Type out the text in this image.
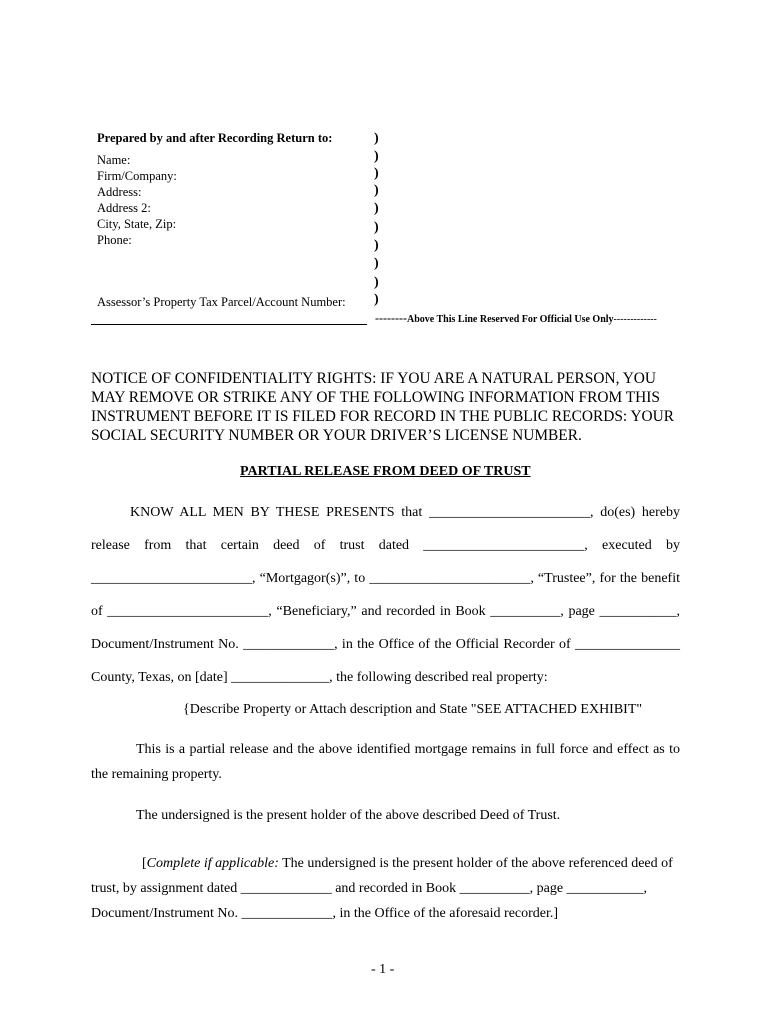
Prepared by and after Recording Return to:
Name:
Firm/Company:
Address:
Address 2:
City, State, Zip:
Phone:
Assessor’s Property Tax Parcel/Account Number:
)
)
)
)
)
)
)
)
)
)
--------Above This Line Reserved For Official Use Only-------------
NOTICE OF CONFIDENTIALITY RIGHTS: IF YOU ARE A NATURAL PERSON, YOU MAY REMOVE OR STRIKE ANY OF THE FOLLOWING INFORMATION FROM THIS INSTRUMENT BEFORE IT IS FILED FOR RECORD IN THE PUBLIC RECORDS: YOUR SOCIAL SECURITY NUMBER OR YOUR DRIVER’S LICENSE NUMBER.
PARTIAL RELEASE FROM DEED OF TRUST
KNOW ALL MEN BY THESE PRESENTS that _______________________, do(es) hereby
release from that certain deed of trust dated _______________________, executed by
_______________________, “Mortgagor(s)”, to _______________________, “Trustee”, for the benefit
of _______________________, “Beneficiary,” and recorded in Book __________, page ___________,
Document/Instrument No. _____________, in the Office of the Official Recorder of _______________
County, Texas, on [date] ______________, the following described real property:
{Describe Property or Attach description and State "SEE ATTACHED EXHIBIT"
This is a partial release and the above identified mortgage remains in full force and effect as to
the remaining property.
The undersigned is the present holder of the above described Deed of Trust.
[Complete if applicable: The undersigned is the present holder of the above referenced deed of
trust, by assignment dated _____________ and recorded in Book __________, page ___________,
Document/Instrument No. _____________, in the Office of the aforesaid recorder.]
- 1 -
